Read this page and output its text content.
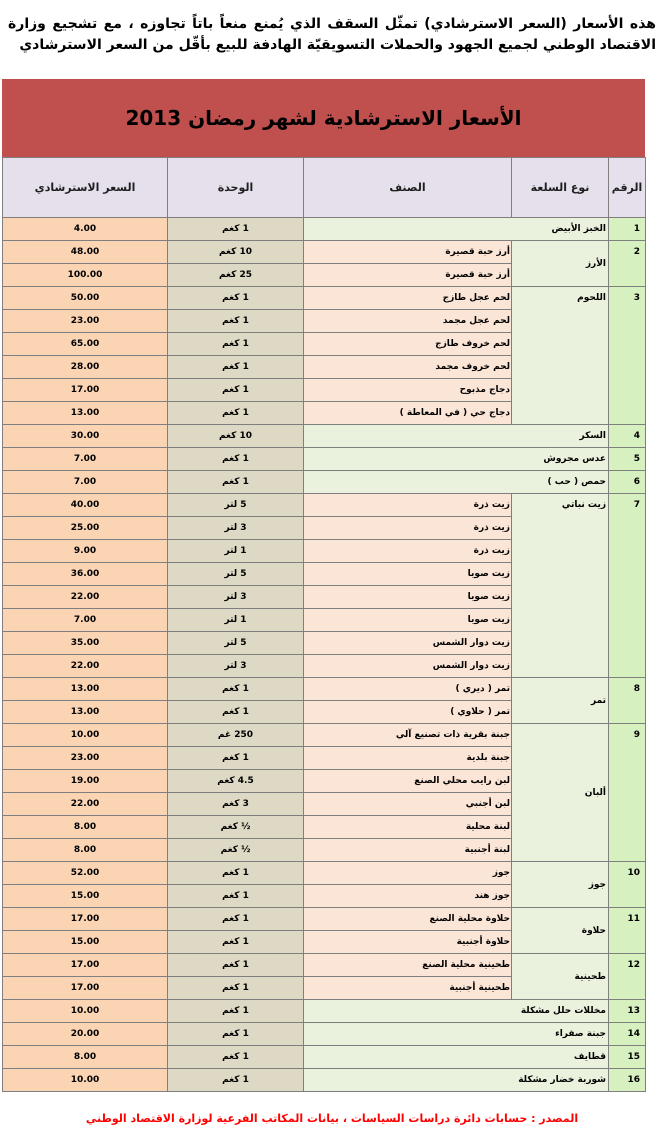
هذه الأسعار (السعر الاسترشادي) تمثّل السقف الذي يُمنع منعاً باتاً تجاوزه ، مع تشجيع وزارة الاقتصاد الوطني لجميع الجهود والحملات التسويقيّة الهادفة للبيع بأقّل من السعر الاسترشادي
الأسعار الاسترشادية لشهر رمضان 2013
الرقم	نوع السلعة	الصنف	الوحدة	السعر الاسترشادي
1	الخبز الأبيض		1 كغم	4.00
2	الأرز	أرز حبة قصيرة	10 كغم	48.00
		أرز حبة قصيرة	25 كغم	100.00
3	اللحوم	لحم عجل طازج	1 كغم	50.00
		لحم عجل مجمد	1 كغم	23.00
		لحم خروف طازج	1 كغم	65.00
		لحم خروف مجمد	1 كغم	28.00
		دجاج مذبوح	1 كغم	17.00
		دجاج حي ( في المعاطة )	1 كغم	13.00
4	السكر		10 كغم	30.00
5	عدس مجروش		1 كغم	7.00
6	حمص ( حب )		1 كغم	7.00
7	زيت نباتي	زيت ذرة	5 لتر	40.00
		زيت ذرة	3 لتر	25.00
		زيت ذرة	1 لتر	9.00
		زيت صويا	5 لتر	36.00
		زيت صويا	3 لتر	22.00
		زيت صويا	1 لتر	7.00
		زيت دوار الشمس	5 لتر	35.00
		زيت دوار الشمس	3 لتر	22.00
8	تمر	تمر ( ديري )	1 كغم	13.00
		تمر ( حلاوي )	1 كغم	13.00
9	ألبان	جبنة بقرية ذات تصنيع آلي	250 غم	10.00
		جبنة بلدية	1 كغم	23.00
		لبن رايب محلي الصنع	4.5 كغم	19.00
		لبن أجنبي	3 كغم	22.00
		لبنة محلية	½ كغم	8.00
		لبنة أجنبية	½ كغم	8.00
10	جوز	جوز	1 كغم	52.00
		جوز هند	1 كغم	15.00
11	حلاوة	حلاوة محلية الصنع	1 كغم	17.00
		حلاوة أجنبية	1 كغم	15.00
12	طحينية	طحينية محلية الصنع	1 كغم	17.00
		طحينية أجنبية	1 كغم	17.00
13	مخللات حلل مشكلة		1 كغم	10.00
14	جبنة صفراء		1 كغم	20.00
15	قطايف		1 كغم	8.00
16	شوربة خضار مشكلة		1 كغم	10.00
المصدر : حسابات دائرة دراسات السياسات ، بيانات المكاتب الفرعية لوزارة الاقتصاد الوطني
